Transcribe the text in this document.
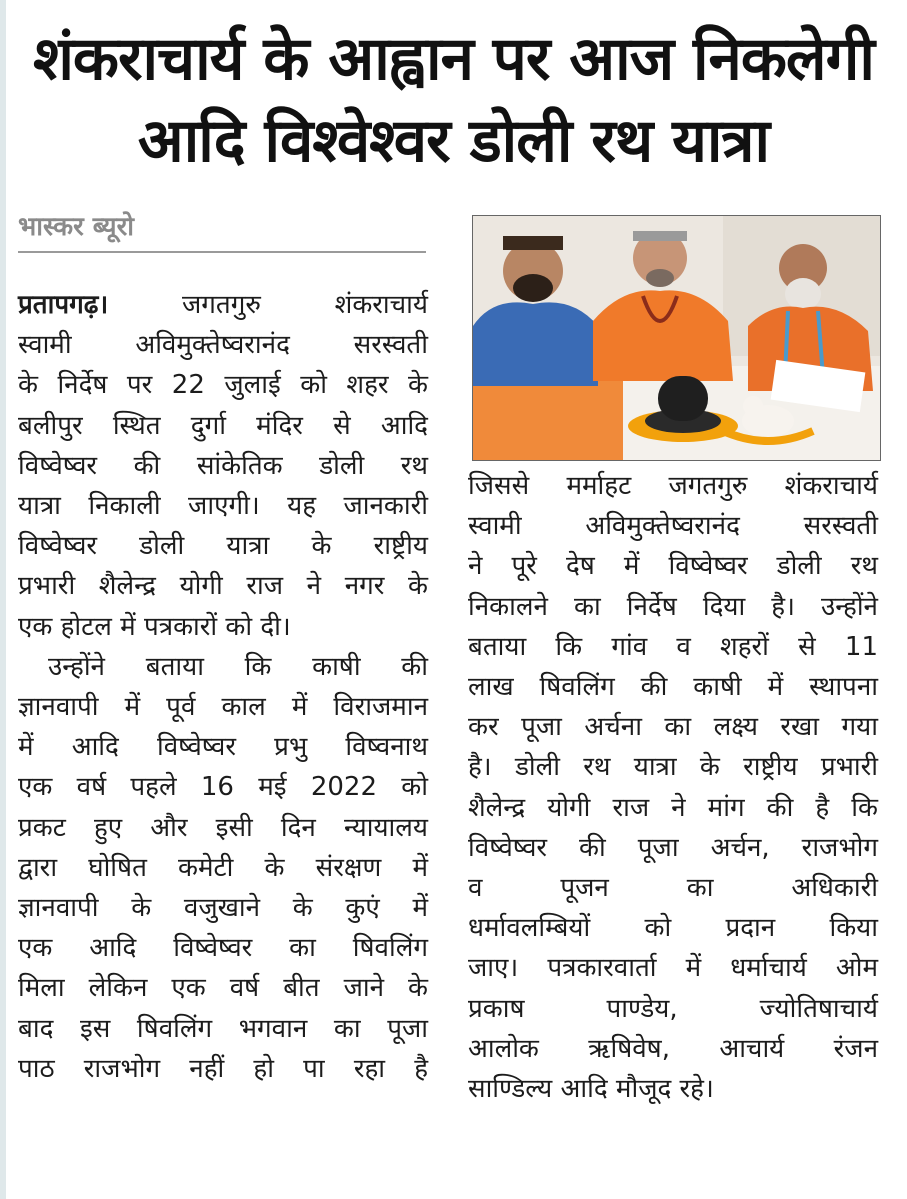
शंकराचार्य के आह्वान पर आज निकलेगी
आदि विश्वेश्वर डोली रथ यात्रा
भास्कर ब्यूरो
प्रतापगढ़।	जगतगुरु शंकराचार्य
स्वामी अविमुक्तेष्वरानंद सरस्वती
के निर्देष पर 22 जुलाई को शहर के
बलीपुर स्थित दुर्गा मंदिर से आदि
विष्वेष्वर की सांकेतिक डोली रथ
यात्रा निकाली जाएगी। यह जानकारी
विष्वेष्वर डोली यात्रा के राष्ट्रीय
प्रभारी शैलेन्द्र योगी राज ने नगर के
एक होटल में पत्रकारों को दी।
उन्होंने बताया कि काषी की
ज्ञानवापी में पूर्व काल में विराजमान
में आदि विष्वेष्वर प्रभु विष्वनाथ
एक वर्ष पहले 16 मई 2022 को
प्रकट हुए और इसी दिन न्यायालय
द्वारा घोषित कमेटी के संरक्षण में
ज्ञानवापी के वजुखाने के कुएं में
एक आदि विष्वेष्वर का षिवलिंग
मिला लेकिन एक वर्ष बीत जाने के
बाद इस षिवलिंग भगवान का पूजा
पाठ राजभोग नहीं हो पा रहा है
जिससे मर्माहट जगतगुरु शंकराचार्य
स्वामी अविमुक्तेष्वरानंद सरस्वती
ने पूरे देष में विष्वेष्वर डोली रथ
निकालने का निर्देष दिया है। उन्होंने
बताया कि गांव व शहरों से 11
लाख षिवलिंग की काषी में स्थापना
कर पूजा अर्चना का लक्ष्य रखा गया
है। डोली रथ यात्रा के राष्ट्रीय प्रभारी
शैलेन्द्र योगी राज ने मांग की है कि
विष्वेष्वर की पूजा अर्चन, राजभोग
व पूजन का अधिकारी
धर्मावलम्बियों को प्रदान किया
जाए। पत्रकारवार्ता में धर्माचार्य ओम
प्रकाष पाण्डेय, ज्योतिषाचार्य
आलोक ऋषिवेष, आचार्य रंजन
साण्डिल्य आदि मौजूद रहे।
